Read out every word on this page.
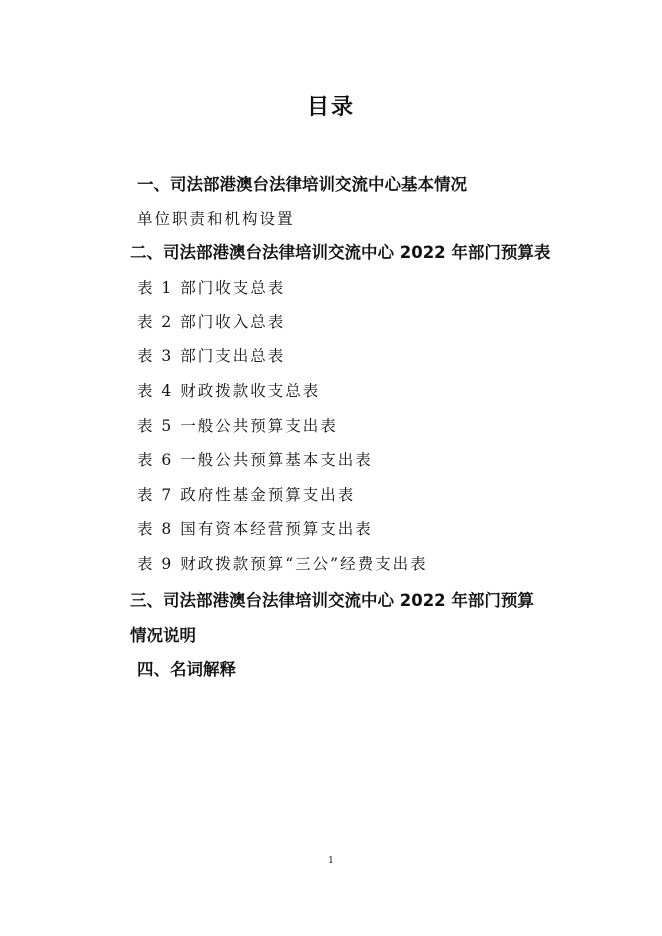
目录
一、司法部港澳台法律培训交流中心基本情况
单位职责和机构设置
二、司法部港澳台法律培训交流中心 2022 年部门预算表
表 1 部门收支总表
表 2 部门收入总表
表 3 部门支出总表
表 4 财政拨款收支总表
表 5 一般公共预算支出表
表 6 一般公共预算基本支出表
表 7 政府性基金预算支出表
表 8 国有资本经营预算支出表
表 9 财政拨款预算“三公”经费支出表
三、司法部港澳台法律培训交流中心 2022 年部门预算
情况说明
四、名词解释
1
